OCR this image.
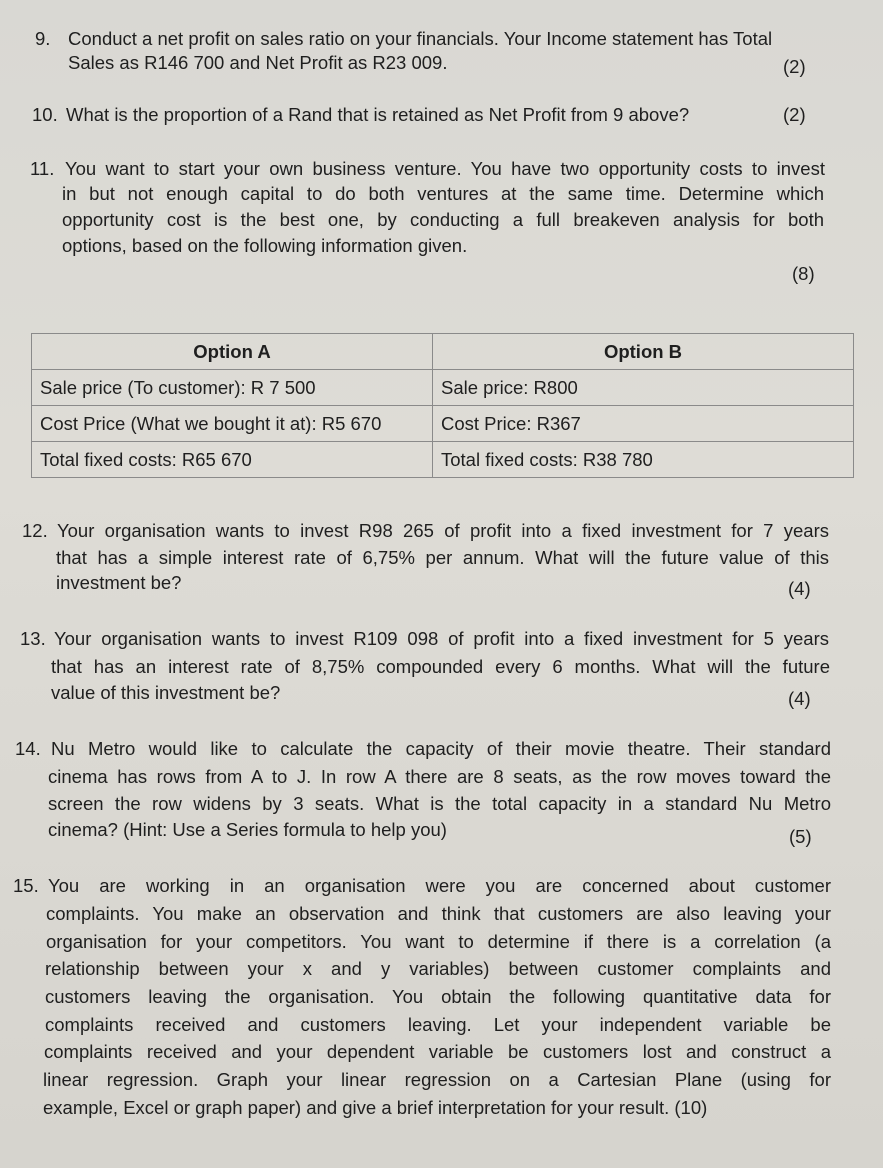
9. Conduct a net profit on sales ratio on your financials. Your Income statement has Total
Sales as R146 700 and Net Profit as R23 009.	(2)
10. What is the proportion of a Rand that is retained as Net Profit from 9 above?	(2)
11. You want to start your own business venture. You have two opportunity costs to invest
in but not enough capital to do both ventures at the same time. Determine which
opportunity cost is the best one, by conducting a full breakeven analysis for both
options, based on the following information given.
(8)
Option A	Option B
Sale price (To customer): R 7 500	Sale price: R800
Cost Price (What we bought it at): R5 670	Cost Price: R367
Total fixed costs: R65 670	Total fixed costs: R38 780
12. Your organisation wants to invest R98 265 of profit into a fixed investment for 7 years
that has a simple interest rate of 6,75% per annum. What will the future value of this
investment be?	(4)
13. Your organisation wants to invest R109 098 of profit into a fixed investment for 5 years
that has an interest rate of 8,75% compounded every 6 months. What will the future
value of this investment be?	(4)
14. Nu Metro would like to calculate the capacity of their movie theatre. Their standard
cinema has rows from A to J. In row A there are 8 seats, as the row moves toward the
screen the row widens by 3 seats. What is the total capacity in a standard Nu Metro
cinema? (Hint: Use a Series formula to help you)	(5)
15. You are working in an organisation were you are concerned about customer
complaints. You make an observation and think that customers are also leaving your
organisation for your competitors. You want to determine if there is a correlation (a
relationship between your x and y variables) between customer complaints and
customers leaving the organisation. You obtain the following quantitative data for
complaints received and customers leaving. Let your independent variable be
complaints received and your dependent variable be customers lost and construct a
linear regression. Graph your linear regression on a Cartesian Plane (using for
example, Excel or graph paper) and give a brief interpretation for your result. (10)
